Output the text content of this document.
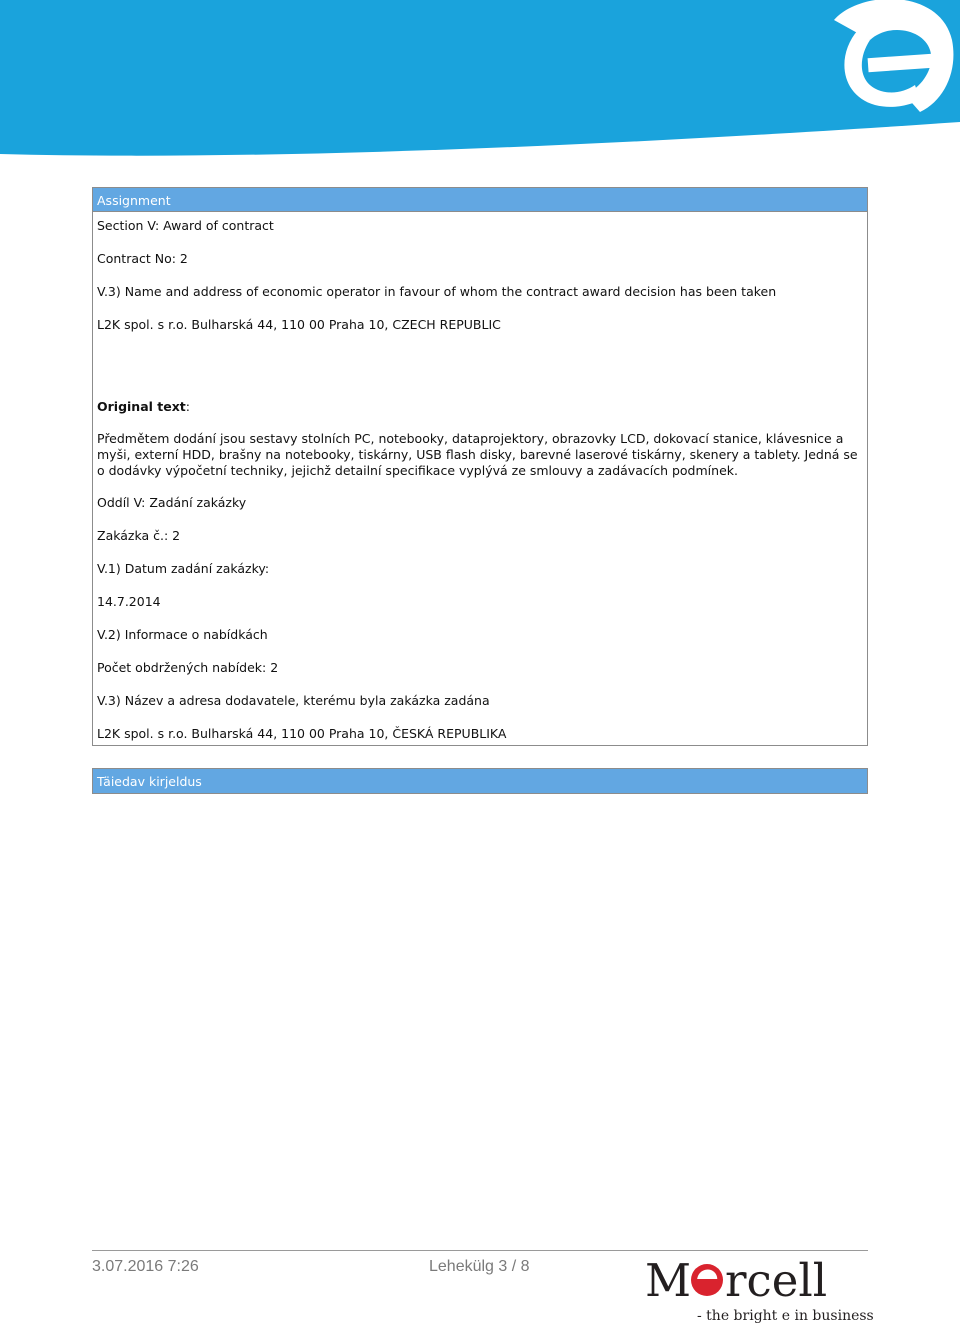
Assignment

Section V: Award of contract

Contract No: 2

V.3) Name and address of economic operator in favour of whom the contract award decision has been taken

L2K spol. s r.o. Bulharská 44, 110 00 Praha 10, CZECH REPUBLIC

Original text:

Předmětem dodání jsou sestavy stolních PC, notebooky, dataprojektory, obrazovky LCD, dokovací stanice, klávesnice a myši, externí HDD, brašny na notebooky, tiskárny, USB flash disky, barevné laserové tiskárny, skenery a tablety. Jedná se o dodávky výpočetní techniky, jejichž detailní specifikace vyplývá ze smlouvy a zadávacích podmínek.

Oddíl V: Zadání zakázky

Zakázka č.: 2

V.1) Datum zadání zakázky:

14.7.2014

V.2) Informace o nabídkách

Počet obdržených nabídek: 2

V.3) Název a adresa dodavatele, kterému byla zakázka zadána

L2K spol. s r.o. Bulharská 44, 110 00 Praha 10, ČESKÁ REPUBLIKA

Täiedav kirjeldus
3.07.2016 7:26	Lehekülg 3 / 8	M rcell
- the bright e in business
